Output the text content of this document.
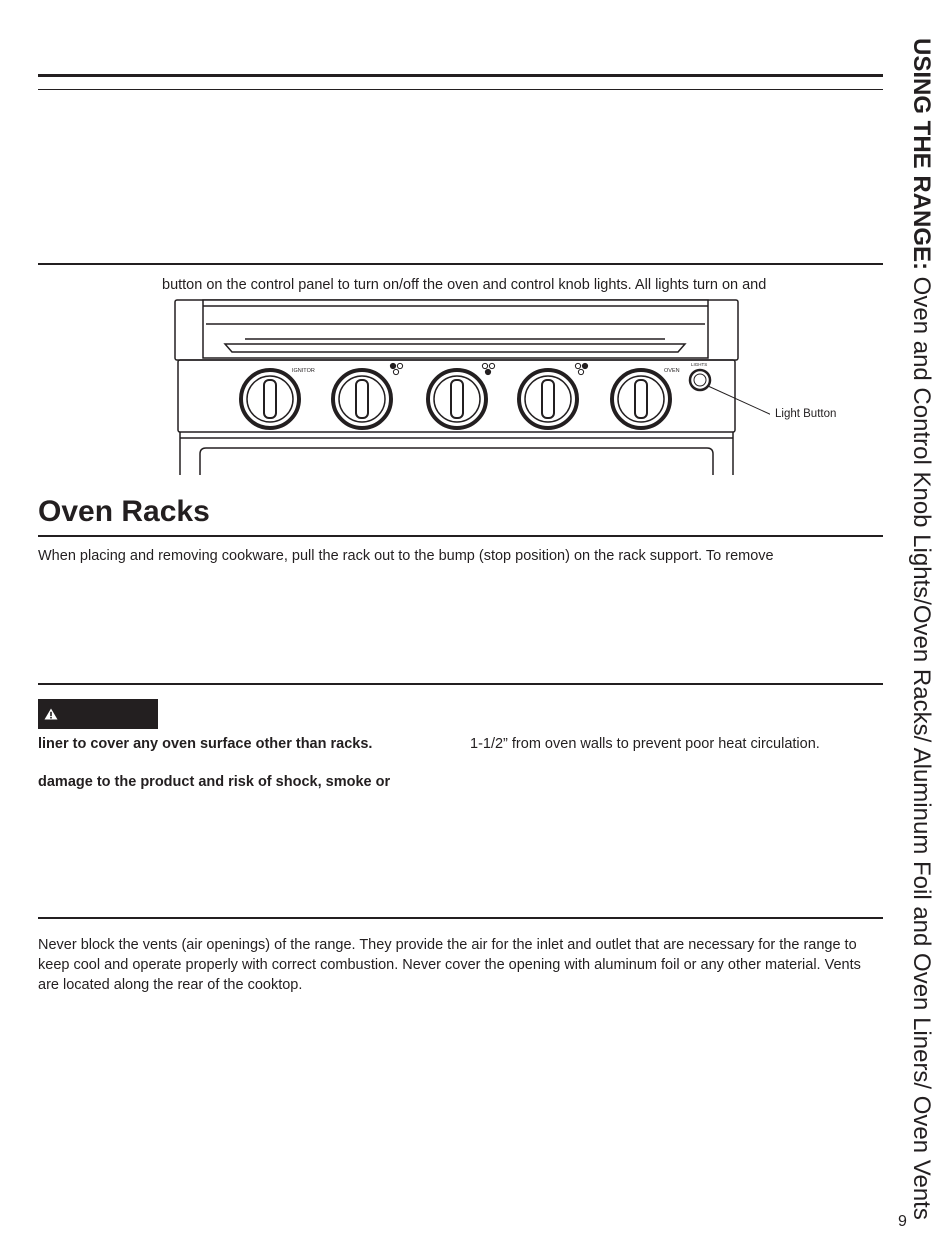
USING THE RANGE: Oven and Control Knob Lights/Oven Racks/ Aluminum Foil and Oven Liners/ Oven Vents
button on the control panel to turn on/off the oven and control knob lights. All lights turn on and
IGNITOR	OVEN
LIGHTS
Light Button
Oven Racks
When placing and removing cookware, pull the rack out to the bump (stop position) on the rack support. To remove
liner to cover any oven surface other than racks.
damage to the product and risk of shock, smoke or
1-1/2” from oven walls to prevent poor heat circulation.
Never block the vents (air openings) of the range. They provide the air for the inlet and outlet that are necessary for the range to keep cool and operate properly with correct combustion. Never cover the opening with aluminum foil or any other material. Vents are located along the rear of the cooktop.
9
